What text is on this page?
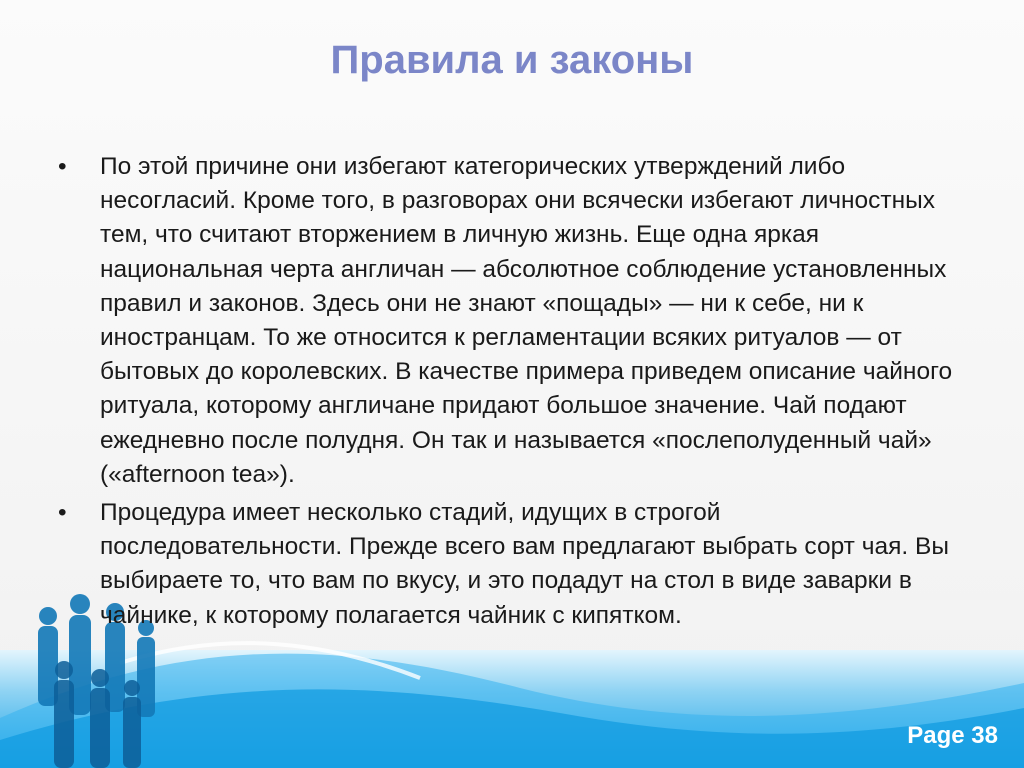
Правила и законы
• По этой причине они избегают категорических утверждений либо несогласий. Кроме того, в разговорах они всячески избегают личностных тем, что считают вторжением в личную жизнь. Еще одна яркая национальная черта англичан — абсолютное соблюдение установленных правил и законов. Здесь они не знают «пощады» — ни к себе, ни к иностранцам. То же относится к регламентации всяких ритуалов — от бытовых до королевских. В качестве примера приведем описание чайного ритуала, которому англичане придают большое значение. Чай подают ежедневно после полудня. Он так и называется «послеполуденный чай» («afternoon tea»).
• Процедура имеет несколько стадий, идущих в строгой последовательности. Прежде всего вам предлагают выбрать сорт чая. Вы выбираете то, что вам по вкусу, и это подадут на стол в виде заварки в чайнике, к которому полагается чайник с кипятком.
Page 38
